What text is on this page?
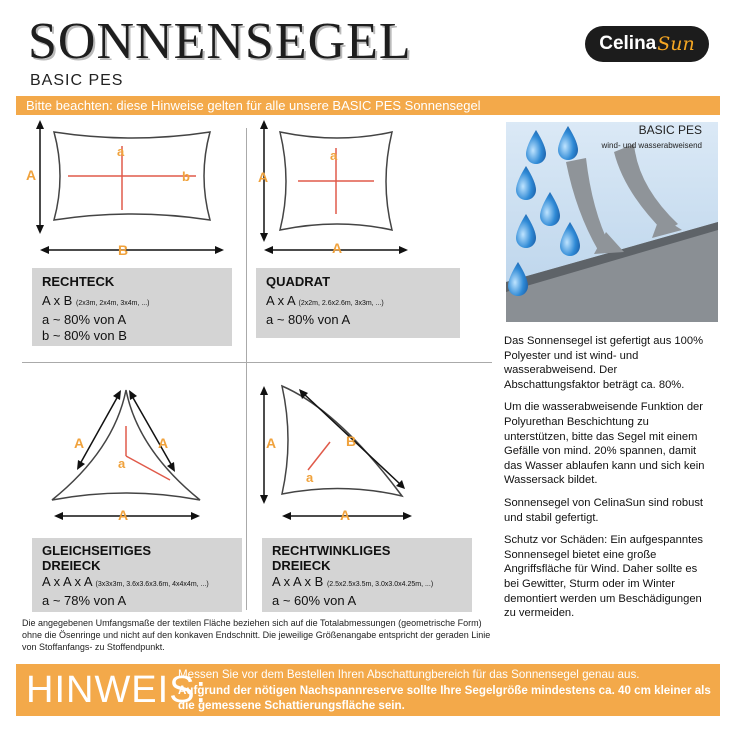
SONNENSEGEL
BASIC PES
Celina Sun
Bitte beachten: diese Hinweise gelten für alle unsere BASIC PES Sonnensegel
A
B
a
b	A
A
a
RECHTECK
A x B (2x3m, 2x4m, 3x4m, ...)
a ~ 80% von A
b ~ 80% von B
QUADRAT
A x A (2x2m, 2.6x2.6m, 3x3m, ...)
a ~ 80% von A
A	A
A
a
A	B
A
a
GLEICHSEITIGES
DREIECK
A x A x A (3x3x3m, 3.6x3.6x3.6m, 4x4x4m, ...)
a ~ 78% von A
RECHTWINKLIGES
DREIECK
A x A x B (2.5x2.5x3.5m, 3.0x3.0x4.25m, ...)
a ~ 60% von A
BASIC PES
wind- und wasserabweisend

Das Sonnensegel ist gefertigt aus 100% Polyester und ist wind- und wasserabweisend. Der Abschattungsfaktor beträgt ca. 80%.

Um die wasserabweisende Funktion der Polyurethan Beschichtung zu unterstützen, bitte das Segel mit einem Gefälle von mind. 20% spannen, damit das Wasser ablaufen kann und sich kein Wassersack bildet.

Sonnensegel von CelinaSun sind robust und stabil gefertigt.

Schutz vor Schäden: Ein aufgespanntes Sonnensegel bietet eine große Angriffsfläche für Wind. Daher sollte es bei Gewitter, Sturm oder im Winter demontiert werden um Beschädigungen zu vermeiden.

Die angegebenen Umfangsmaße der textilen Fläche beziehen sich auf die Totalabmessungen (geometrische Form) ohne die Ösenringe und nicht auf den konkaven Endschnitt. Die jeweilige Größenangabe entspricht der geraden Linie von Stoffanfangs- zu Stoffendpunkt.
HINWEIS:
Messen Sie vor dem Bestellen Ihren Abschattungbereich für das Sonnensegel genau aus.
Aufgrund der nötigen Nachspannreserve sollte Ihre Segelgröße mindestens ca. 40 cm kleiner als die gemessene Schattierungsfläche sein.
